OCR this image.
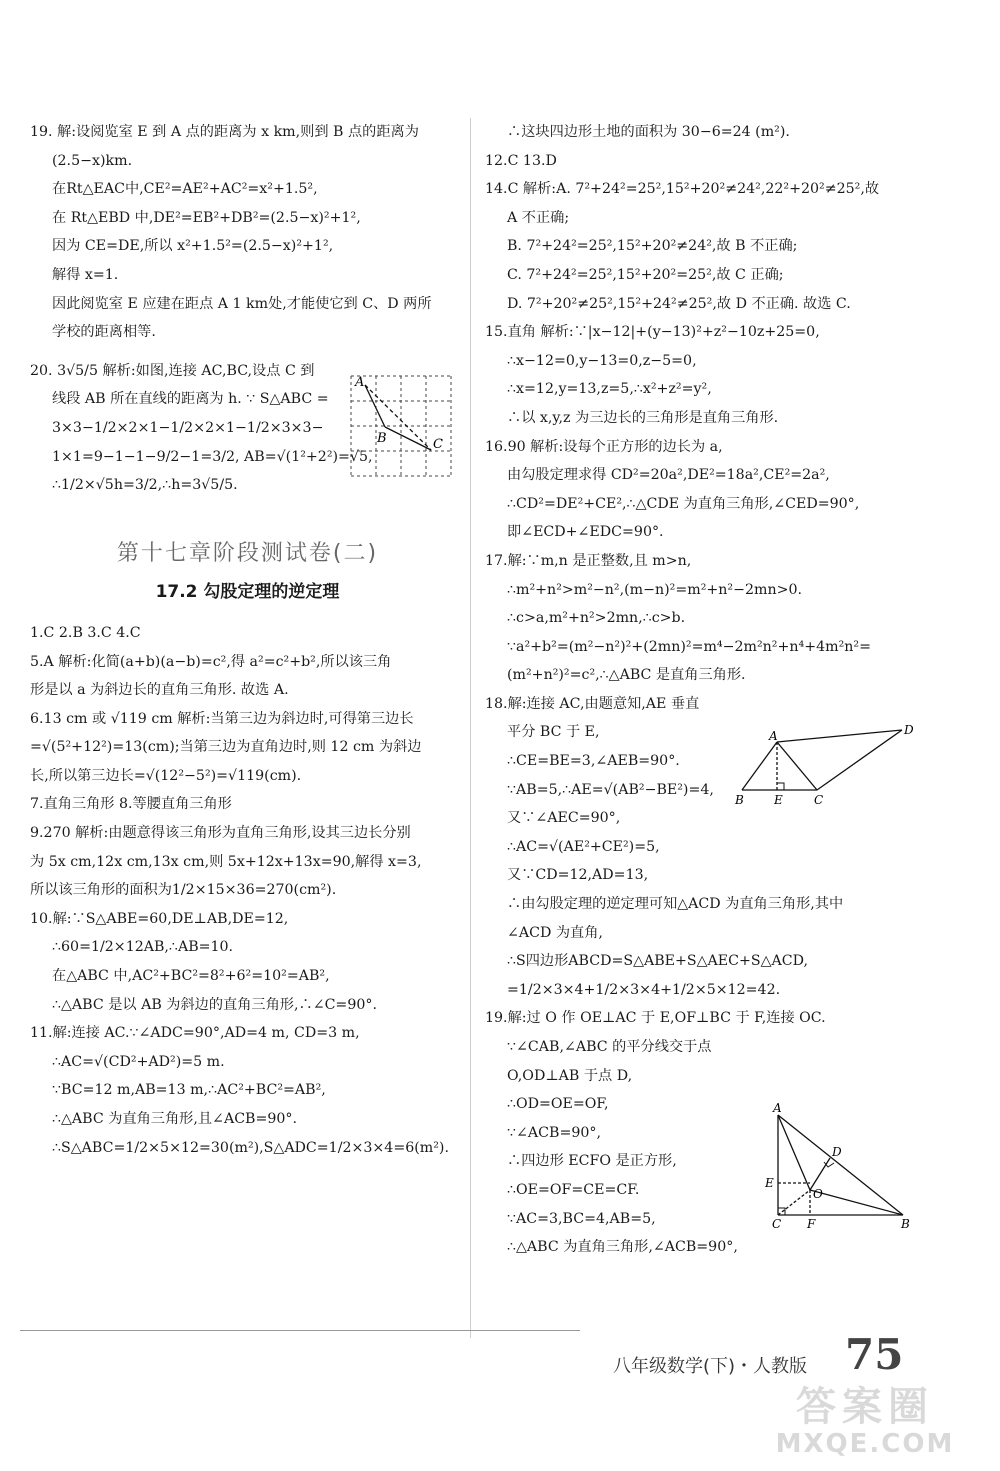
19. 解:设阅览室 E 到 A 点的距离为 x km,则到 B 点的距离为
(2.5−x)km.
在Rt△EAC中,CE²=AE²+AC²=x²+1.5²,
在 Rt△EBD 中,DE²=EB²+DB²=(2.5−x)²+1²,
因为 CE=DE,所以 x²+1.5²=(2.5−x)²+1²,
解得 x=1.
因此阅览室 E 应建在距点 A 1 km处,才能使它到 C、D 两所
学校的距离相等.
20. 3√5/5 解析:如图,连接 AC,BC,设点 C 到
线段 AB 所在直线的距离为 h. ∵ S△ABC =
3×3−1/2×2×1−1/2×2×1−1/2×3×3−
1×1=9−1−1−9/2−1=3/2, AB=√(1²+2²)=√5,
∴1/2×√5h=3/2,∴h=3√5/5.
第十七章阶段测试卷(二)
17.2 勾股定理的逆定理
1.C 2.B 3.C 4.C
5.A 解析:化简(a+b)(a−b)=c²,得 a²=c²+b²,所以该三角
形是以 a 为斜边长的直角三角形. 故选 A.
6.13 cm 或 √119 cm 解析:当第三边为斜边时,可得第三边长
=√(5²+12²)=13(cm);当第三边为直角边时,则 12 cm 为斜边
长,所以第三边长=√(12²−5²)=√119(cm).
7.直角三角形 8.等腰直角三角形
9.270 解析:由题意得该三角形为直角三角形,设其三边长分别
为 5x cm,12x cm,13x cm,则 5x+12x+13x=90,解得 x=3,
所以该三角形的面积为1/2×15×36=270(cm²).
10.解:∵S△ABE=60,DE⊥AB,DE=12,
∴60=1/2×12AB,∴AB=10.
在△ABC 中,AC²+BC²=8²+6²=10²=AB²,
∴△ABC 是以 AB 为斜边的直角三角形,∴∠C=90°.
11.解:连接 AC.∵∠ADC=90°,AD=4 m, CD=3 m,
∴AC=√(CD²+AD²)=5 m.
∵BC=12 m,AB=13 m,∴AC²+BC²=AB²,
∴△ABC 为直角三角形,且∠ACB=90°.
∴S△ABC=1/2×5×12=30(m²),S△ADC=1/2×3×4=6(m²).
∴这块四边形土地的面积为 30−6=24 (m²).
12.C 13.D
14.C 解析:A. 7²+24²=25²,15²+20²≠24²,22²+20²≠25²,故
A 不正确;
B. 7²+24²=25²,15²+20²≠24²,故 B 不正确;
C. 7²+24²=25²,15²+20²=25²,故 C 正确;
D. 7²+20²≠25²,15²+24²≠25²,故 D 不正确. 故选 C.
15.直角 解析:∵|x−12|+(y−13)²+z²−10z+25=0,
∴x−12=0,y−13=0,z−5=0,
∴x=12,y=13,z=5,∴x²+z²=y²,
∴以 x,y,z 为三边长的三角形是直角三角形.
16.90 解析:设每个正方形的边长为 a,
由勾股定理求得 CD²=20a²,DE²=18a²,CE²=2a²,
∴CD²=DE²+CE²,∴△CDE 为直角三角形,∠CED=90°,
即∠ECD+∠EDC=90°.
17.解:∵m,n 是正整数,且 m>n,
∴m²+n²>m²−n²,(m−n)²=m²+n²−2mn>0.
∴c>a,m²+n²>2mn,∴c>b.
∵a²+b²=(m²−n²)²+(2mn)²=m⁴−2m²n²+n⁴+4m²n²=
(m²+n²)²=c²,∴△ABC 是直角三角形.
18.解:连接 AC,由题意知,AE 垂直
平分 BC 于 E,
∴CE=BE=3,∠AEB=90°.
∵AB=5,∴AE=√(AB²−BE²)=4,
又∵∠AEC=90°,
∴AC=√(AE²+CE²)=5,
又∵CD=12,AD=13,
∴由勾股定理的逆定理可知△ACD 为直角三角形,其中
∠ACD 为直角,
∴S四边形ABCD=S△ABE+S△AEC+S△ACD,
=1/2×3×4+1/2×3×4+1/2×5×12=42.
19.解:过 O 作 OE⊥AC 于 E,OF⊥BC 于 F,连接 OC.
∵∠CAB,∠ABC 的平分线交于点
O,OD⊥AB 于点 D,
∴OD=OE=OF,
∵∠ACB=90°,
∴四边形 ECFO 是正方形,
∴OE=OF=CE=CF.
∵AC=3,BC=4,AB=5,
∴△ABC 为直角三角形,∠ACB=90°,
A
B	C
A	D
B	E	C
A
D
E
O
C F	B
八年级数学(下)・人教版 75
答案圈
MXQE.COM
